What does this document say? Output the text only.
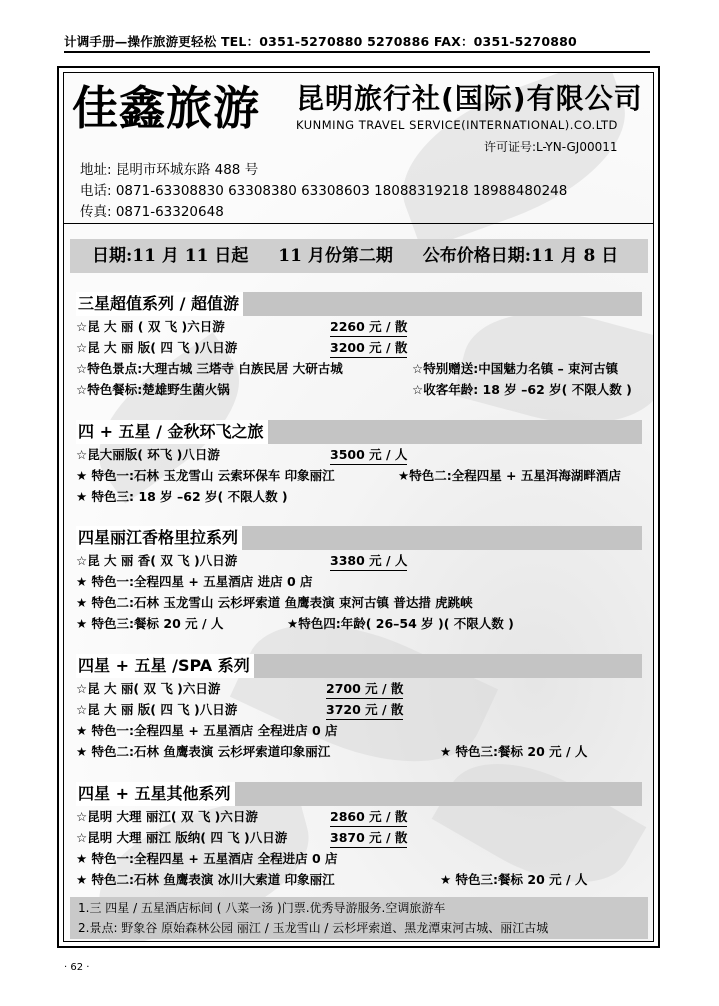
计调手册—操作旅游更轻松 TEL：0351-5270880 5270886 FAX：0351-5270880
佳鑫旅游 昆明旅行社(国际)有限公司
KUNMING TRAVEL SERVICE(INTERNATIONAL).CO.LTD
许可证号:L-YN-GJ00011
地址: 昆明市环城东路 488 号
电话: 0871-63308830 63308380 63308603 18088319218 18988480248
传真: 0871-63320648
日期:11 月 11 日起 11 月份第二期 公布价格日期:11 月 8 日
三星超值系列 / 超值游
☆昆 大 丽 ( 双 飞 )六日游	2260 元 / 散
☆昆 大 丽 版( 四 飞 )八日游	3200 元 / 散
☆特色景点:大理古城 三塔寺 白族民居 大研古城	☆特别赠送:中国魅力名镇 – 束河古镇
☆特色餐标:楚雄野生菌火锅	☆收客年龄: 18 岁 –62 岁( 不限人数 )
四 + 五星 / 金秋环飞之旅
☆昆大丽版( 环飞 )八日游	3500 元 / 人
★ 特色一:石林 玉龙雪山 云索环保车 印象丽江	★特色二:全程四星 + 五星洱海湖畔酒店
★ 特色三: 18 岁 –62 岁( 不限人数 )
四星丽江香格里拉系列
☆昆 大 丽 香( 双 飞 )八日游	3380 元 / 人
★ 特色一:全程四星 + 五星酒店 进店 0 店
★ 特色二:石林 玉龙雪山 云杉坪索道 鱼鹰表演 束河古镇 普达措 虎跳峡
★ 特色三:餐标 20 元 / 人	★特色四:年龄( 26–54 岁 )( 不限人数 )
四星 + 五星 /SPA 系列
☆昆 大 丽( 双 飞 )六日游	2700 元 / 散
☆昆 大 丽 版( 四 飞 )八日游	3720 元 / 散
★ 特色一:全程四星 + 五星酒店 全程进店 0 店
★ 特色二:石林 鱼鹰表演 云杉坪索道印象丽江	★ 特色三:餐标 20 元 / 人
四星 + 五星其他系列
☆昆明 大理 丽江( 双 飞 )六日游	2860 元 / 散
☆昆明 大理 丽江 版纳( 四 飞 )八日游	3870 元 / 散
★ 特色一:全程四星 + 五星酒店 全程进店 0 店
★ 特色二:石林 鱼鹰表演 冰川大索道 印象丽江	★ 特色三:餐标 20 元 / 人
1.三 四星 / 五星酒店标间 ( 八菜一汤 )门票.优秀导游服务.空调旅游车
2.景点: 野象谷 原始森林公园 丽江 / 玉龙雪山 / 云杉坪索道、黑龙潭束河古城、丽江古城
· 62 ·
